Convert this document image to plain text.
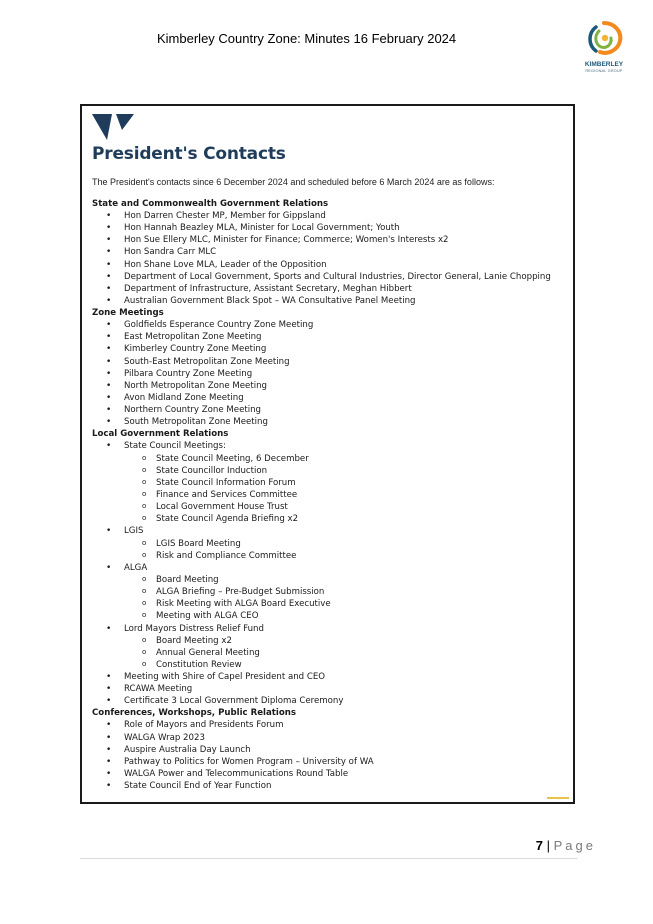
Kimberley Country Zone: Minutes 16 February 2024
KIMBERLEY
REGIONAL GROUP
President's Contacts
The President's contacts since 6 December 2024 and scheduled before 6 March 2024 are as follows:
State and Commonwealth Government Relations
• Hon Darren Chester MP, Member for Gippsland
• Hon Hannah Beazley MLA, Minister for Local Government; Youth
• Hon Sue Ellery MLC, Minister for Finance; Commerce; Women's Interests x2
• Hon Sandra Carr MLC
• Hon Shane Love MLA, Leader of the Opposition
• Department of Local Government, Sports and Cultural Industries, Director General, Lanie Chopping
• Department of Infrastructure, Assistant Secretary, Meghan Hibbert
• Australian Government Black Spot – WA Consultative Panel Meeting
Zone Meetings
• Goldfields Esperance Country Zone Meeting
• East Metropolitan Zone Meeting
• Kimberley Country Zone Meeting
• South-East Metropolitan Zone Meeting
• Pilbara Country Zone Meeting
• North Metropolitan Zone Meeting
• Avon Midland Zone Meeting
• Northern Country Zone Meeting
• South Metropolitan Zone Meeting
Local Government Relations
• State Council Meetings:
o State Council Meeting, 6 December
o State Councillor Induction
o State Council Information Forum
o Finance and Services Committee
o Local Government House Trust
o State Council Agenda Briefing x2
• LGIS
o LGIS Board Meeting
o Risk and Compliance Committee
• ALGA
o Board Meeting
o ALGA Briefing – Pre-Budget Submission
o Risk Meeting with ALGA Board Executive
o Meeting with ALGA CEO
• Lord Mayors Distress Relief Fund
o Board Meeting x2
o Annual General Meeting
o Constitution Review
• Meeting with Shire of Capel President and CEO
• RCAWA Meeting
• Certificate 3 Local Government Diploma Ceremony
Conferences, Workshops, Public Relations
• Role of Mayors and Presidents Forum
• WALGA Wrap 2023
• Auspire Australia Day Launch
• Pathway to Politics for Women Program – University of WA
• WALGA Power and Telecommunications Round Table
• State Council End of Year Function
7 | Page
